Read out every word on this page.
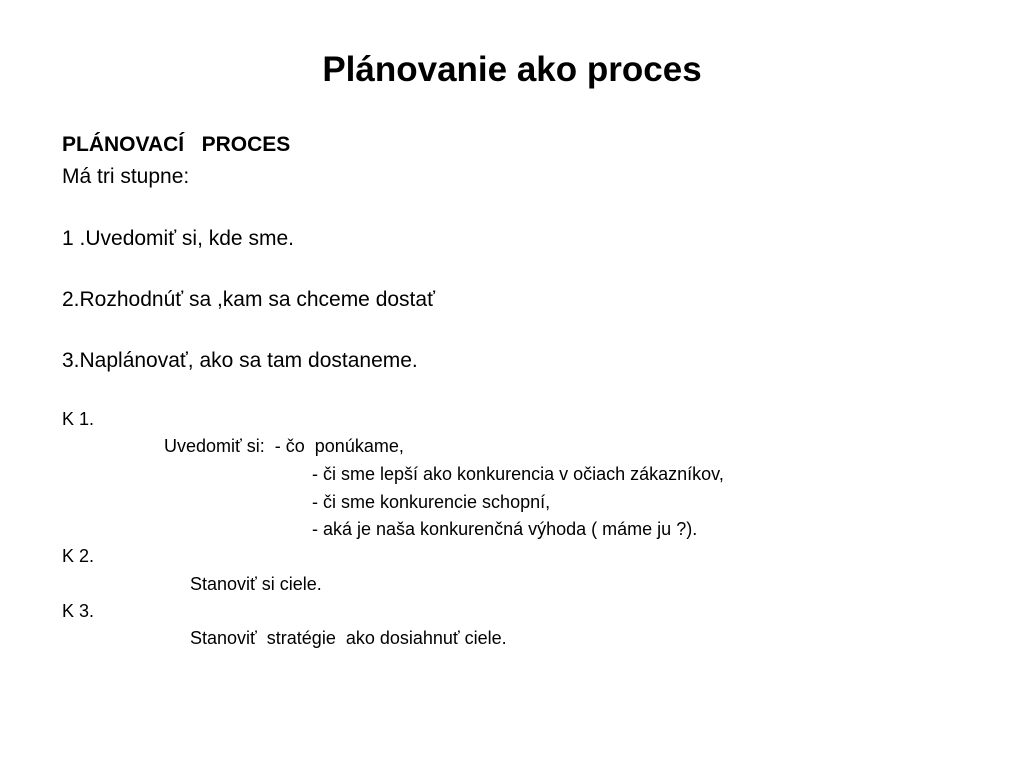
Plánovanie ako proces
PLÁNOVACÍ   PROCES
Má tri stupne:
1 .Uvedomiť si, kde sme.
2.Rozhodnúť sa ,kam sa chceme dostať
3.Naplánovať, ako sa tam dostaneme.
K 1.
Uvedomiť si:  - čo  ponúkame,
- či sme lepší ako konkurencia v očiach zákazníkov,
- či sme konkurencie schopní,
- aká je naša konkurenčná výhoda ( máme ju ?).
K 2.
Stanoviť si ciele.
K 3.
Stanoviť  stratégie  ako dosiahnuť ciele.
